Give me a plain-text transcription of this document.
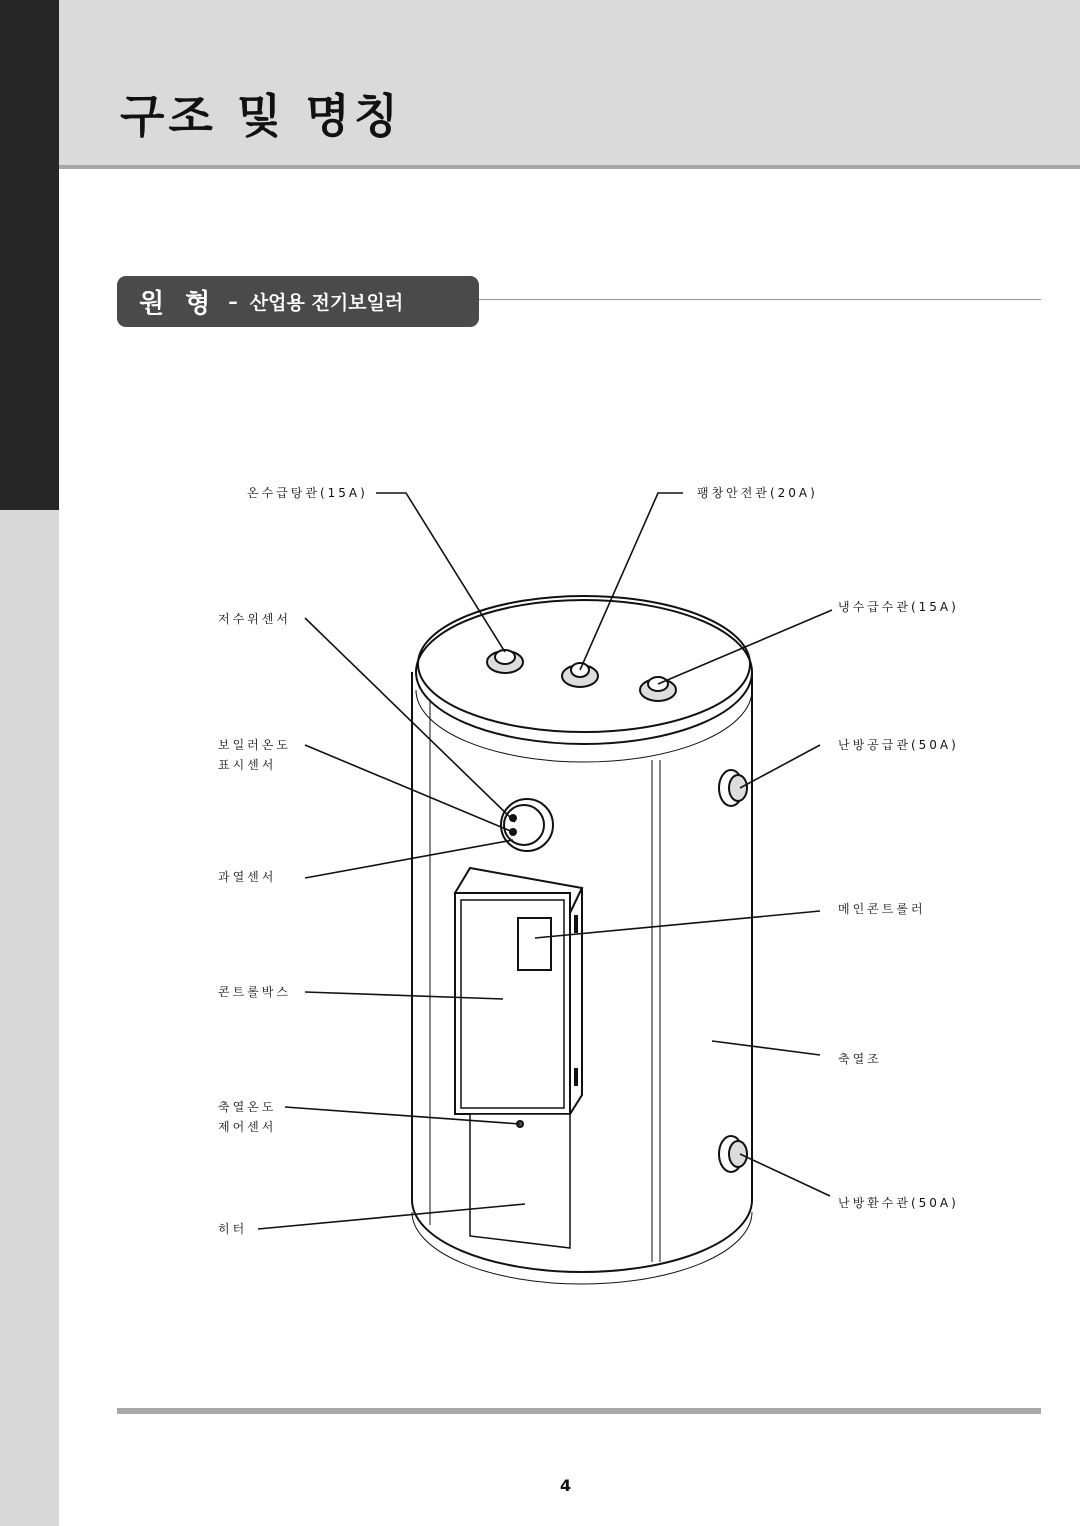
구조 및 명칭
원 형 – 산업용 전기보일러
온수급탕관(15A)	팽창안전관(20A)
냉수급수관(15A)
저수위센서
보일러온도
표시센서
난방공급관(50A)
과열센서
메인콘트롤러
콘트롤박스
축열조
축열온도
제어센서
난방환수관(50A)
히터
4
